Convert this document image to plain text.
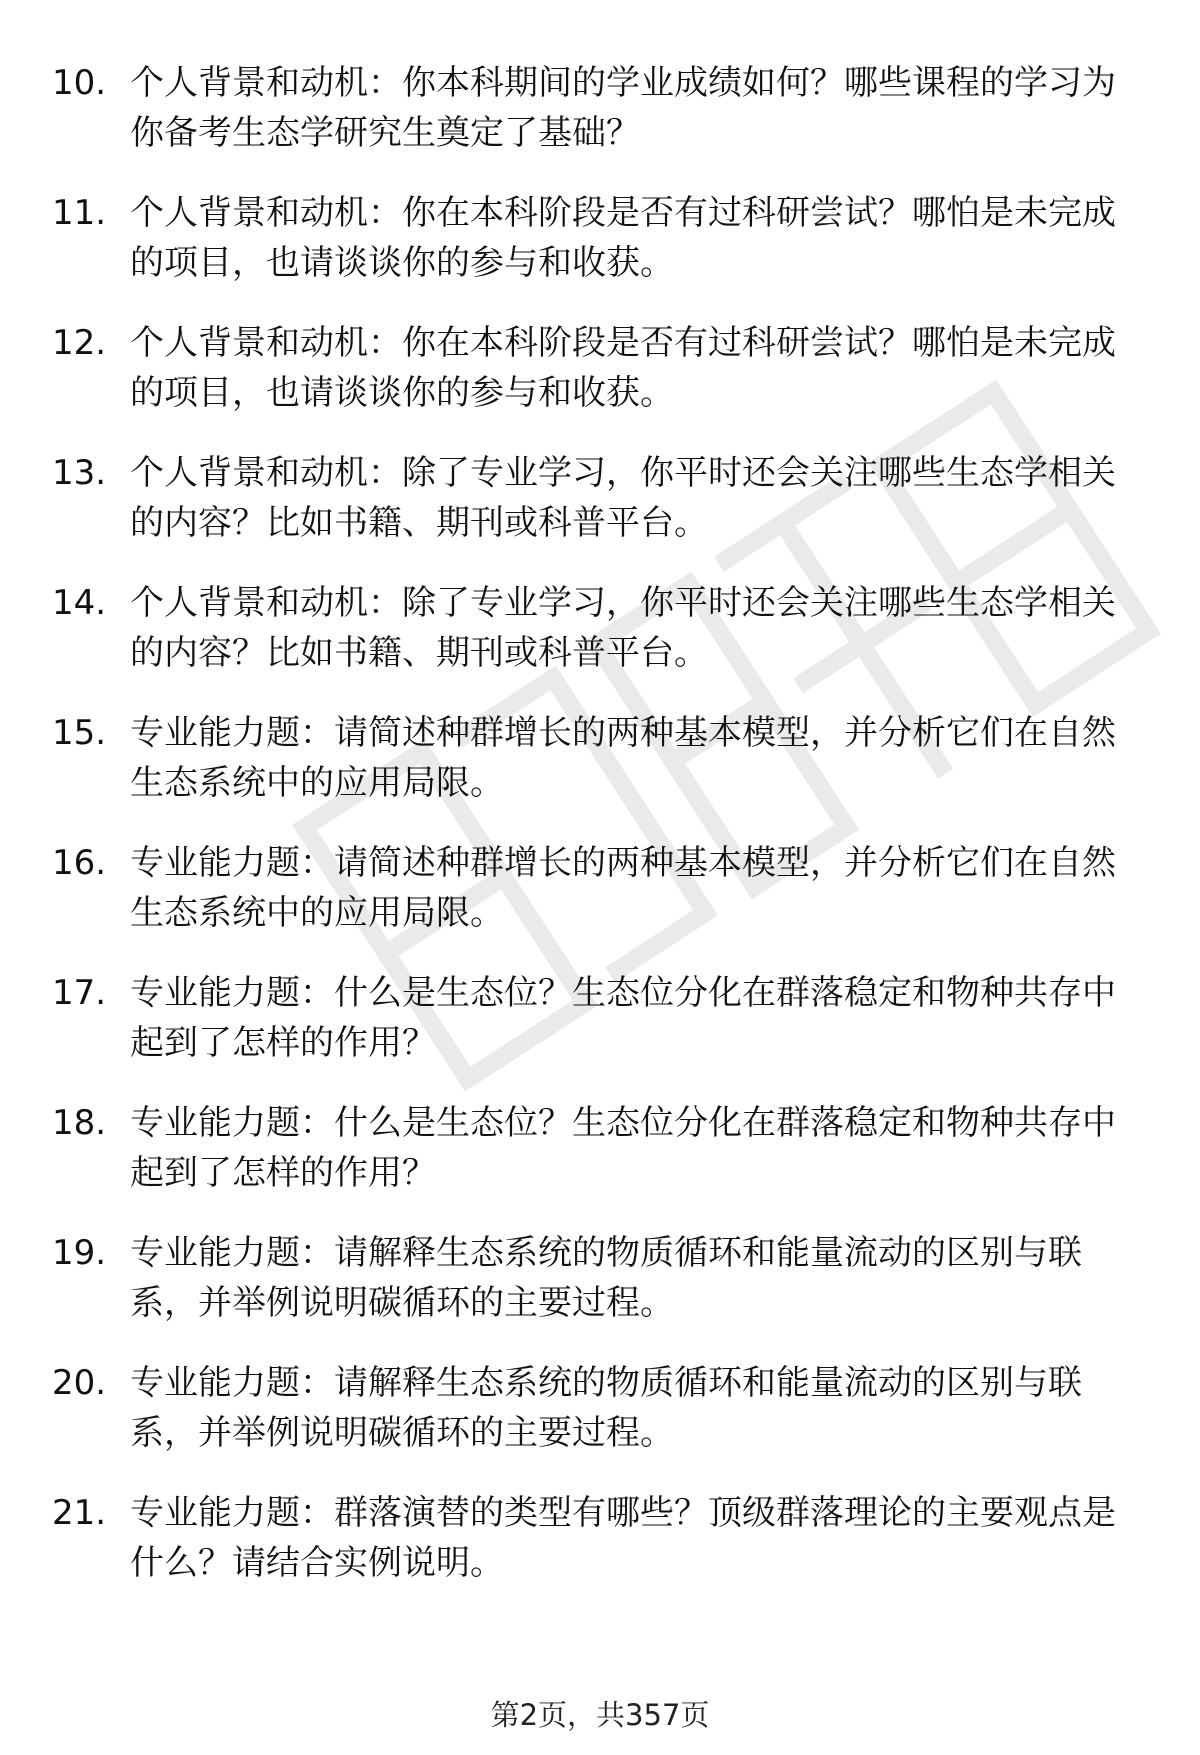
10. 个人背景和动机：你本科期间的学业成绩如何？哪些课程的学习为你备考生态学研究生奠定了基础？
11. 个人背景和动机：你在本科阶段是否有过科研尝试？哪怕是未完成的项目，也请谈谈你的参与和收获。
12. 个人背景和动机：你在本科阶段是否有过科研尝试？哪怕是未完成的项目，也请谈谈你的参与和收获。
13. 个人背景和动机：除了专业学习，你平时还会关注哪些生态学相关的内容？比如书籍、期刊或科普平台。
14. 个人背景和动机：除了专业学习，你平时还会关注哪些生态学相关的内容？比如书籍、期刊或科普平台。
15. 专业能力题：请简述种群增长的两种基本模型，并分析它们在自然生态系统中的应用局限。
16. 专业能力题：请简述种群增长的两种基本模型，并分析它们在自然生态系统中的应用局限。
17. 专业能力题：什么是生态位？生态位分化在群落稳定和物种共存中起到了怎样的作用？
18. 专业能力题：什么是生态位？生态位分化在群落稳定和物种共存中起到了怎样的作用？
19. 专业能力题：请解释生态系统的物质循环和能量流动的区别与联系，并举例说明碳循环的主要过程。
20. 专业能力题：请解释生态系统的物质循环和能量流动的区别与联系，并举例说明碳循环的主要过程。
21. 专业能力题：群落演替的类型有哪些？顶级群落理论的主要观点是什么？请结合实例说明。
第2页，共357页
